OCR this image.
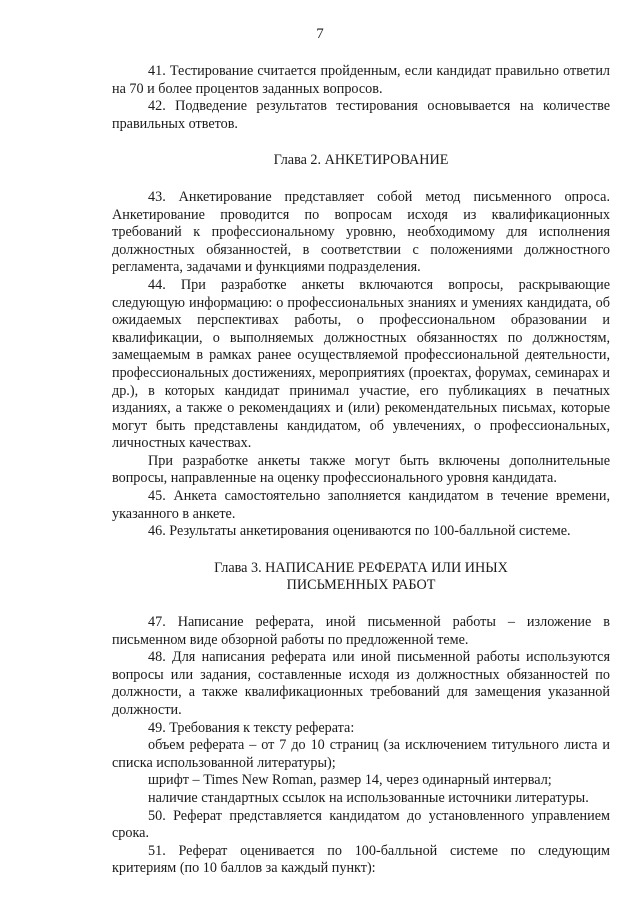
7

41. Тестирование считается пройденным, если кандидат правильно ответил на 70 и более процентов заданных вопросов.

42. Подведение результатов тестирования основывается на количестве правильных ответов.

Глава 2. АНКЕТИРОВАНИЕ

43. Анкетирование представляет собой метод письменного опроса. Анкетирование проводится по вопросам исходя из квалификационных требований к профессиональному уровню, необходимому для исполнения должностных обязанностей, в соответствии с положениями должностного регламента, задачами и функциями подразделения.

44. При разработке анкеты включаются вопросы, раскрывающие следующую информацию: о профессиональных знаниях и умениях кандидата, об ожидаемых перспективах работы, о профессиональном образовании и квалификации, о выполняемых должностных обязанностях по должностям, замещаемым в рамках ранее осуществляемой профессиональной деятельности, профессиональных достижениях, мероприятиях (проектах, форумах, семинарах и др.), в которых кандидат принимал участие, его публикациях в печатных изданиях, а также о рекомендациях и (или) рекомендательных письмах, которые могут быть представлены кандидатом, об увлечениях, о профессиональных, личностных качествах.

При разработке анкеты также могут быть включены дополнительные вопросы, направленные на оценку профессионального уровня кандидата.

45. Анкета самостоятельно заполняется кандидатом в течение времени, указанного в анкете.

46. Результаты анкетирования оцениваются по 100-балльной системе.

Глава 3. НАПИСАНИЕ РЕФЕРАТА ИЛИ ИНЫХ

ПИСЬМЕННЫХ РАБОТ

47. Написание реферата, иной письменной работы – изложение в письменном виде обзорной работы по предложенной теме.

48. Для написания реферата или иной письменной работы используются вопросы или задания, составленные исходя из должностных обязанностей по должности, а также квалификационных требований для замещения указанной должности.

49. Требования к тексту реферата:

объем реферата – от 7 до 10 страниц (за исключением титульного листа и списка использованной литературы);

шрифт – Times New Roman, размер 14, через одинарный интервал;

наличие стандартных ссылок на использованные источники литературы.

50. Реферат представляется кандидатом до установленного управлением срока.

51. Реферат оценивается по 100-балльной системе по следующим критериям (по 10 баллов за каждый пункт):
